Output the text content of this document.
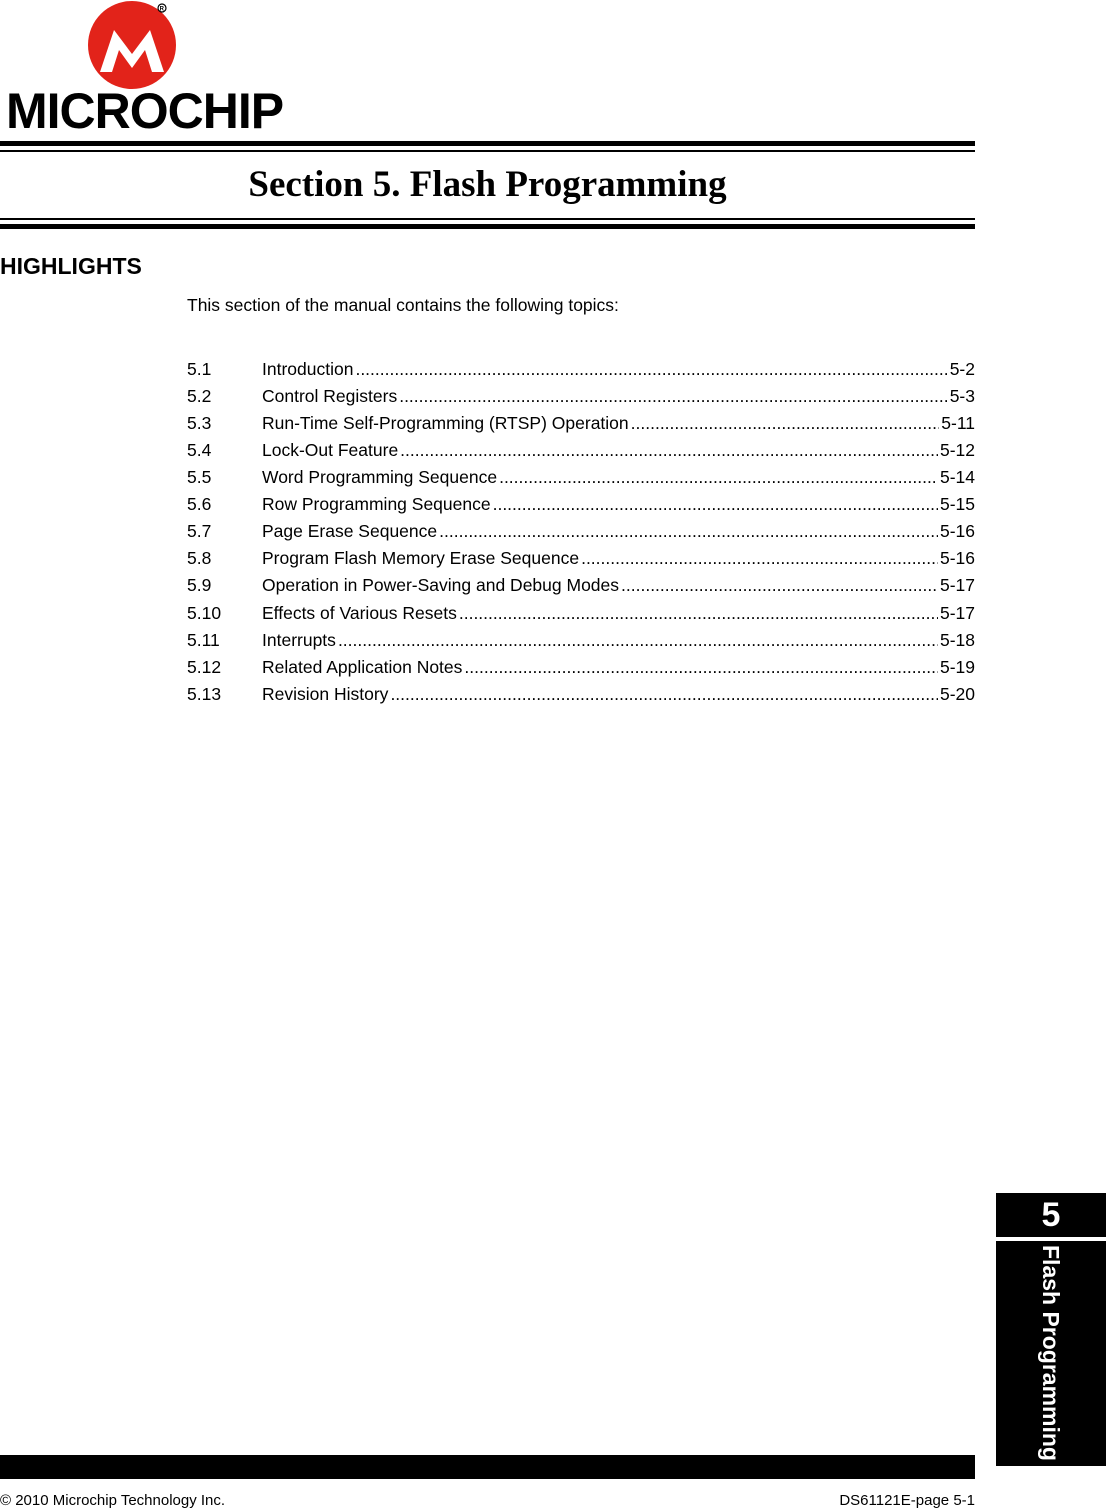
R
MICROCHIP
Section 5. Flash Programming
HIGHLIGHTS
This section of the manual contains the following topics:
5.1	Introduction .....	5-2
5.2	Control Registers .....	5-3
5.3	Run-Time Self-Programming (RTSP) Operation .....	5-11
5.4	Lock-Out Feature .....	5-12
5.5	Word Programming Sequence .....	5-14
5.6	Row Programming Sequence .....	5-15
5.7	Page Erase Sequence .....	5-16
5.8	Program Flash Memory Erase Sequence .....	5-16
5.9	Operation in Power-Saving and Debug Modes .....	5-17
5.10	Effects of Various Resets .....	5-17
5.11	Interrupts .....	5-18
5.12	Related Application Notes .....	5-19
5.13	Revision History .....	5-20
5
Flash Programming
© 2010 Microchip Technology Inc.	DS61121E-page 5-1
